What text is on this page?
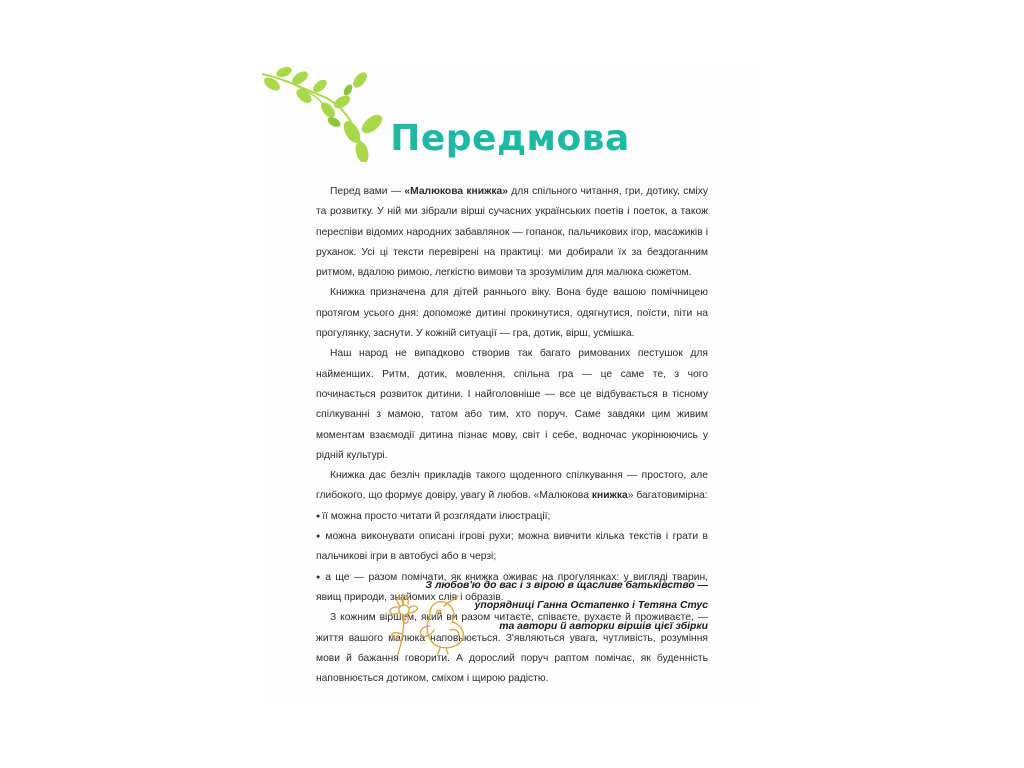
Передмова

Перед вами — «Малюкова книжка» для спільного читання, гри, дотику, сміху та розвитку. У ній ми зібрали вірші сучасних українських поетів і поеток, а також переспіви відомих народних забавлянок — гопанок, пальчикових ігор, масажиків і руханок. Усі ці тексти перевірені на практиці: ми добирали їх за бездоганним ритмом, вдалою римою, легкістю вимови та зрозумілим для малюка сюжетом.

Книжка призначена для дітей раннього віку. Вона буде вашою помічницею протягом усього дня: допоможе дитині прокинутися, одягнутися, поїсти, піти на прогулянку, заснути. У кожній ситуації — гра, дотик, вірш, усмішка.

Наш народ не випадково створив так багато римованих пестушок для найменших. Ритм, дотик, мовлення, спільна гра — це саме те, з чого починається розвиток дитини. І найголовніше — все це відбувається в тісному спілкуванні з мамою, татом або тим, хто поруч. Саме завдяки цим живим моментам взаємодії дитина пізнає мову, світ і себе, водночас укорінюючись у рідній культурі.

Книжка дає безліч прикладів такого щоденного спілкування — простого, але глибокого, що формує довіру, увагу й любов. «Малюкова книжка» багатовимірна:

● її можна просто читати й розглядати ілюстрації;

● можна виконувати описані ігрові рухи; можна вивчити кілька текстів і грати в пальчикові ігри в автобусі або в черзі;

● а ще — разом помічати, як книжка оживає на прогулянках: у вигляді тварин, явищ природи, знайомих слів і образів.

З кожним віршем, який ви разом читаєте, співаєте, рухаєте й проживаєте, — життя вашого малюка наповнюється. З'являються увага, чутливість, розуміння мови й бажання говорити. А дорослий поруч раптом помічає, як буденність наповнюється дотиком, сміхом і щирою радістю.

З любов'ю до вас і з вірою в щасливе батьківство —
упорядниці Ганна Остапенко і Тетяна Стус
та автори й авторки віршів цієї збірки
